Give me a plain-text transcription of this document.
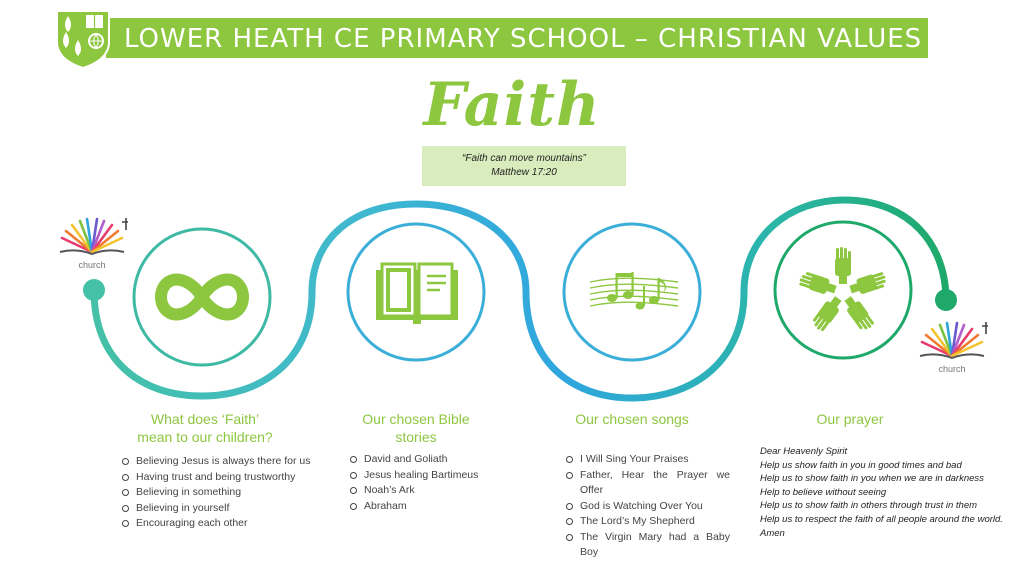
LOWER HEATH CE PRIMARY SCHOOL – CHRISTIAN VALUES
Faith
“Faith can move mountains”
Matthew 17:20
church
church
What does ‘Faith’
mean to our children?
Believing Jesus is always there for us
Having trust and being trustworthy
Believing in something
Believing in yourself
Encouraging each other
Our chosen Bible
stories
David and Goliath
Jesus healing Bartimeus
Noah’s Ark
Abraham
Our chosen songs
I Will Sing Your Praises
Father, Hear the Prayer we Offer
God is Watching Over You
The Lord’s My Shepherd
The Virgin Mary had a Baby Boy
Our prayer
Dear Heavenly Spirit
Help us show faith in you in good times and bad
Help us to show faith in you when we are in darkness
Help to believe without seeing
Help us to show faith in others through trust in them
Help us to respect the faith of all people around the world.
Amen
